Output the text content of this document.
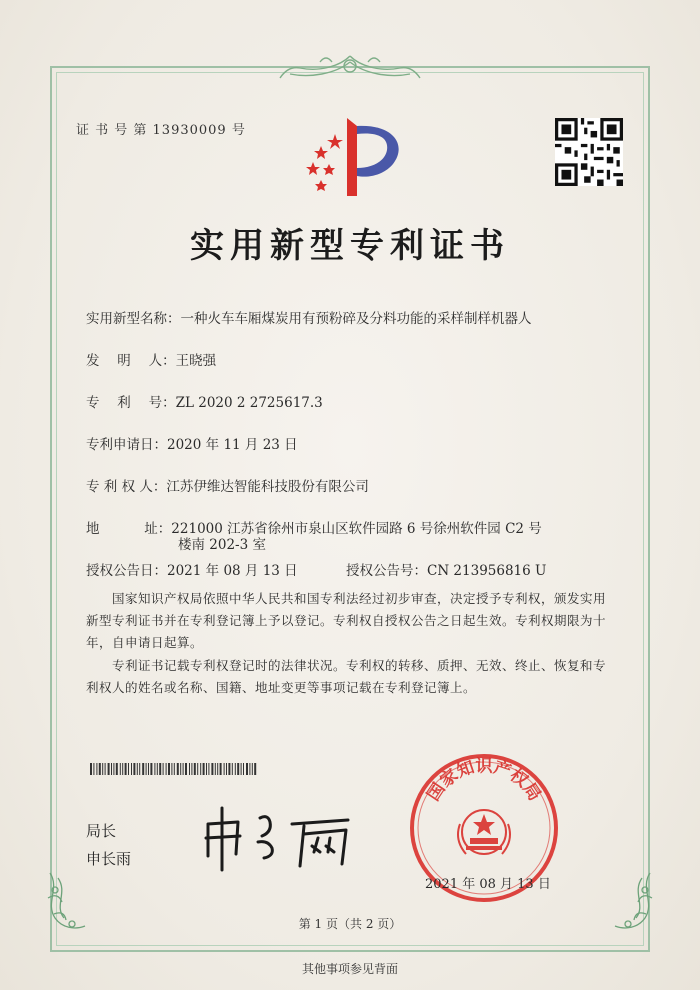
证 书 号 第 13930009 号
实用新型专利证书
实用新型名称：一种火车车厢煤炭用有预粉碎及分料功能的采样制样机器人
发　 明 　人：王晓强
专　 利 　号：ZL 2020 2 2725617.3
专利申请日：2020 年 11 月 23 日
专 利 权 人：江苏伊维达智能科技股份有限公司
地 　　　址：221000 江苏省徐州市泉山区软件园路 6 号徐州软件园 C2 号
楼南 202-3 室
授权公告日：2021 年 08 月 13 日	授权公告号：CN 213956816 U
国家知识产权局依照中华人民共和国专利法经过初步审查，决定授予专利权，颁发实用新型专利证书并在专利登记簿上予以登记。专利权自授权公告之日起生效。专利权期限为十年，自申请日起算。
专利证书记载专利权登记时的法律状况。专利权的转移、质押、无效、终止、恢复和专利权人的姓名或名称、国籍、地址变更等事项记载在专利登记簿上。
局长
申长雨
国家知识产权局
2021 年 08 月 13 日
第 1 页（共 2 页）
其他事项参见背面
